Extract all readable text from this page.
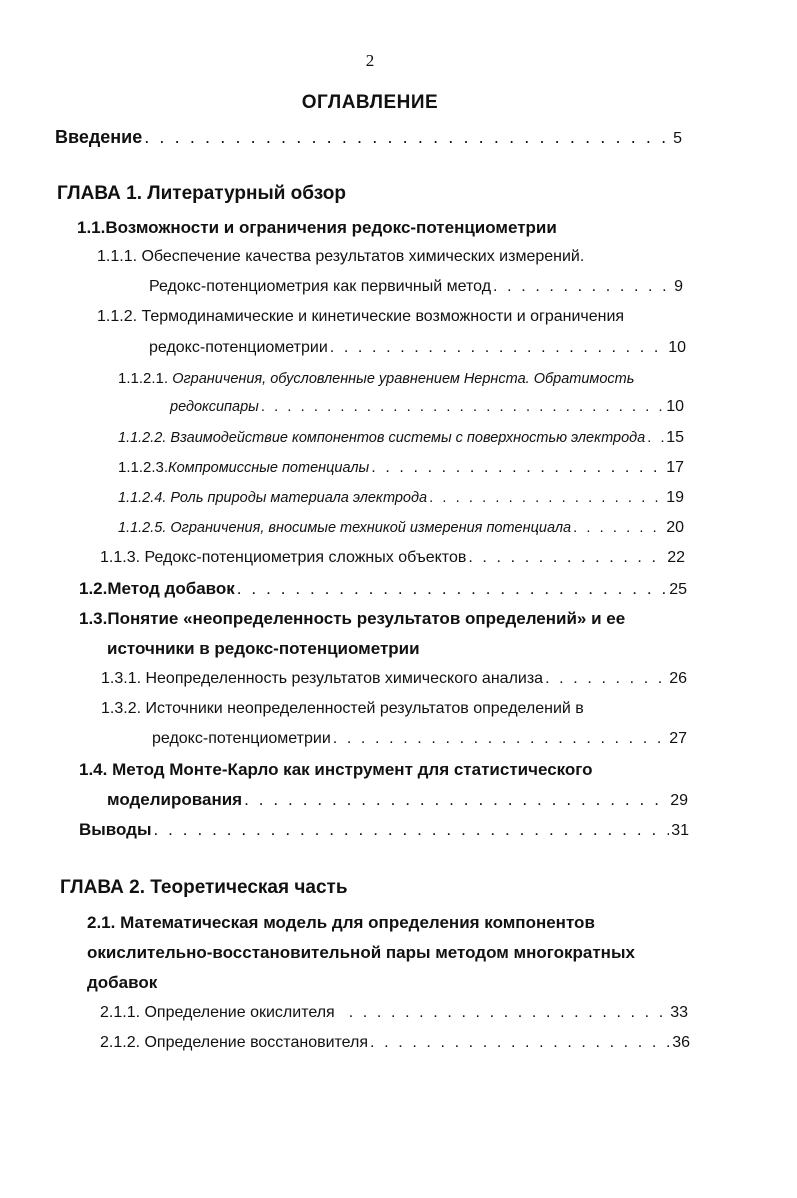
2
ОГЛАВЛЕНИЕ
Введение . . .	5
ГЛАВА 1. Литературный обзор
1.1.Возможности и ограничения редокс-потенциометрии
1.1.1. Обеспечение качества результатов химических измерений.
Редокс-потенциометрия как первичный метод . . .	9
1.1.2. Термодинамические и кинетические возможности и ограничения
редокс-потенциометрии . . .	10
1.1.2.1. Ограничения, обусловленные уравнением Нернста. Обратимость
редоксипары . . .	10
1.1.2.2. Взаимодействие компонентов системы с поверхностью электрода . . . 15
1.1.2.3. Компромиссные потенциалы . . .	17
1.1.2.4. Роль природы материала электрода . . .	19
1.1.2.5. Ограничения, вносимые техникой измерения потенциала . . .	20
1.1.3. Редокс-потенциометрия сложных объектов . . .	22
1.2.Метод добавок . . .	25
1.3.Понятие «неопределенность результатов определений» и ее
источники в редокс-потенциометрии
1.3.1. Неопределенность результатов химического анализа . . .	26
1.3.2. Источники неопределенностей результатов определений в
редокс-потенциометрии . . .	27
1.4. Метод Монте-Карло как инструмент для статистического
моделирования . . .	29
Выводы . . .	31
ГЛАВА 2. Теоретическая часть
2.1. Математическая модель для определения компонентов
окислительно-восстановительной пары методом многократных
добавок
2.1.1. Определение окислителя . . .	33
2.1.2. Определение восстановителя . . .	36
